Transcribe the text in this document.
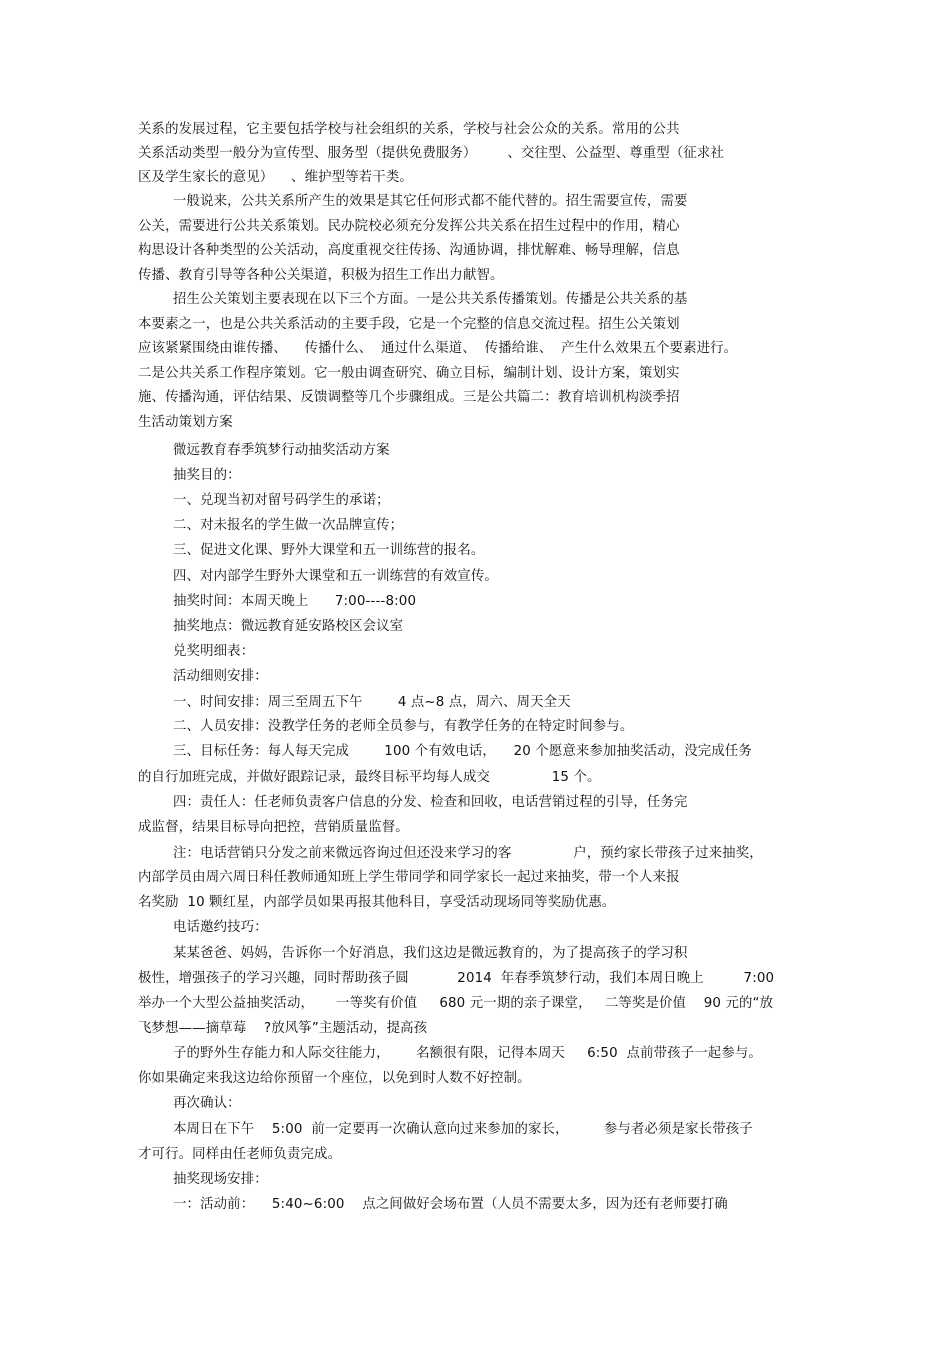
关系的发展过程，它主要包括学校与社会组织的关系，学校与社会公众的关系。常用的公共
关系活动类型一般分为宣传型、服务型（提供免费服务）       、交往型、公益型、尊重型（征求社
区及学生家长的意见）    、维护型等若干类。
一般说来，公共关系所产生的效果是其它任何形式都不能代替的。招生需要宣传，需要
公关，需要进行公共关系策划。民办院校必须充分发挥公共关系在招生过程中的作用，精心
构思设计各种类型的公关活动，高度重视交往传扬、沟通协调，排忧解难、畅导理解，信息
传播、教育引导等各种公关渠道，积极为招生工作出力献智。
招生公关策划主要表现在以下三个方面。一是公共关系传播策划。传播是公共关系的基
本要素之一，也是公共关系活动的主要手段，它是一个完整的信息交流过程。招生公关策划
应该紧紧围绕由谁传播、    传播什么、  通过什么渠道、  传播给谁、  产生什么效果五个要素进行。
二是公共关系工作程序策划。它一般由调查研究、确立目标，编制计划、设计方案，策划实
施、传播沟通，评估结果、反馈调整等几个步骤组成。三是公共篇二：教育培训机构淡季招
生活动策划方案
微远教育春季筑梦行动抽奖活动方案
抽奖目的：
一、兑现当初对留号码学生的承诺；
二、对未报名的学生做一次品牌宣传；
三、促进文化课、野外大课堂和五一训练营的报名。
四、对内部学生野外大课堂和五一训练营的有效宣传。
抽奖时间：本周天晚上      7:00----8:00
抽奖地点：微远教育延安路校区会议室
兑奖明细表：
活动细则安排：
一、时间安排：周三至周五下午        4 点~8 点，周六、周天全天
二、人员安排：没教学任务的老师全员参与，有教学任务的在特定时间参与。
三、目标任务：每人每天完成        100 个有效电话，    20 个愿意来参加抽奖活动，没完成任务
的自行加班完成，并做好跟踪记录，最终目标平均每人成交              15 个。
四：责任人：任老师负责客户信息的分发、检查和回收，电话营销过程的引导，任务完
成监督，结果目标导向把控，营销质量监督。
注：电话营销只分发之前来微远咨询过但还没来学习的客              户，预约家长带孩子过来抽奖，
内部学员由周六周日科任教师通知班上学生带同学和同学家长一起过来抽奖，带一个人来报
名奖励  10 颗红星，内部学员如果再报其他科目，享受活动现场同等奖励优惠。
电话邀约技巧：
某某爸爸、妈妈，告诉你一个好消息，我们这边是微远教育的，为了提高孩子的学习积
极性，增强孩子的学习兴趣，同时帮助孩子圆           2014  年春季筑梦行动，我们本周日晚上         7:00
举办一个大型公益抽奖活动，     一等奖有价值     680 元一期的亲子课堂，   二等奖是价值    90 元的“放
飞梦想——摘草莓    ?放风筝”主题活动，提高孩
子的野外生存能力和人际交往能力，      名额很有限，记得本周天     6:50  点前带孩子一起参与。
你如果确定来我这边给你预留一个座位，以免到时人数不好控制。
再次确认：
本周日在下午    5:00  前一定要再一次确认意向过来参加的家长，        参与者必须是家长带孩子
才可行。同样由任老师负责完成。
抽奖现场安排：
一：活动前：    5:40~6:00    点之间做好会场布置（人员不需要太多，因为还有老师要打确
